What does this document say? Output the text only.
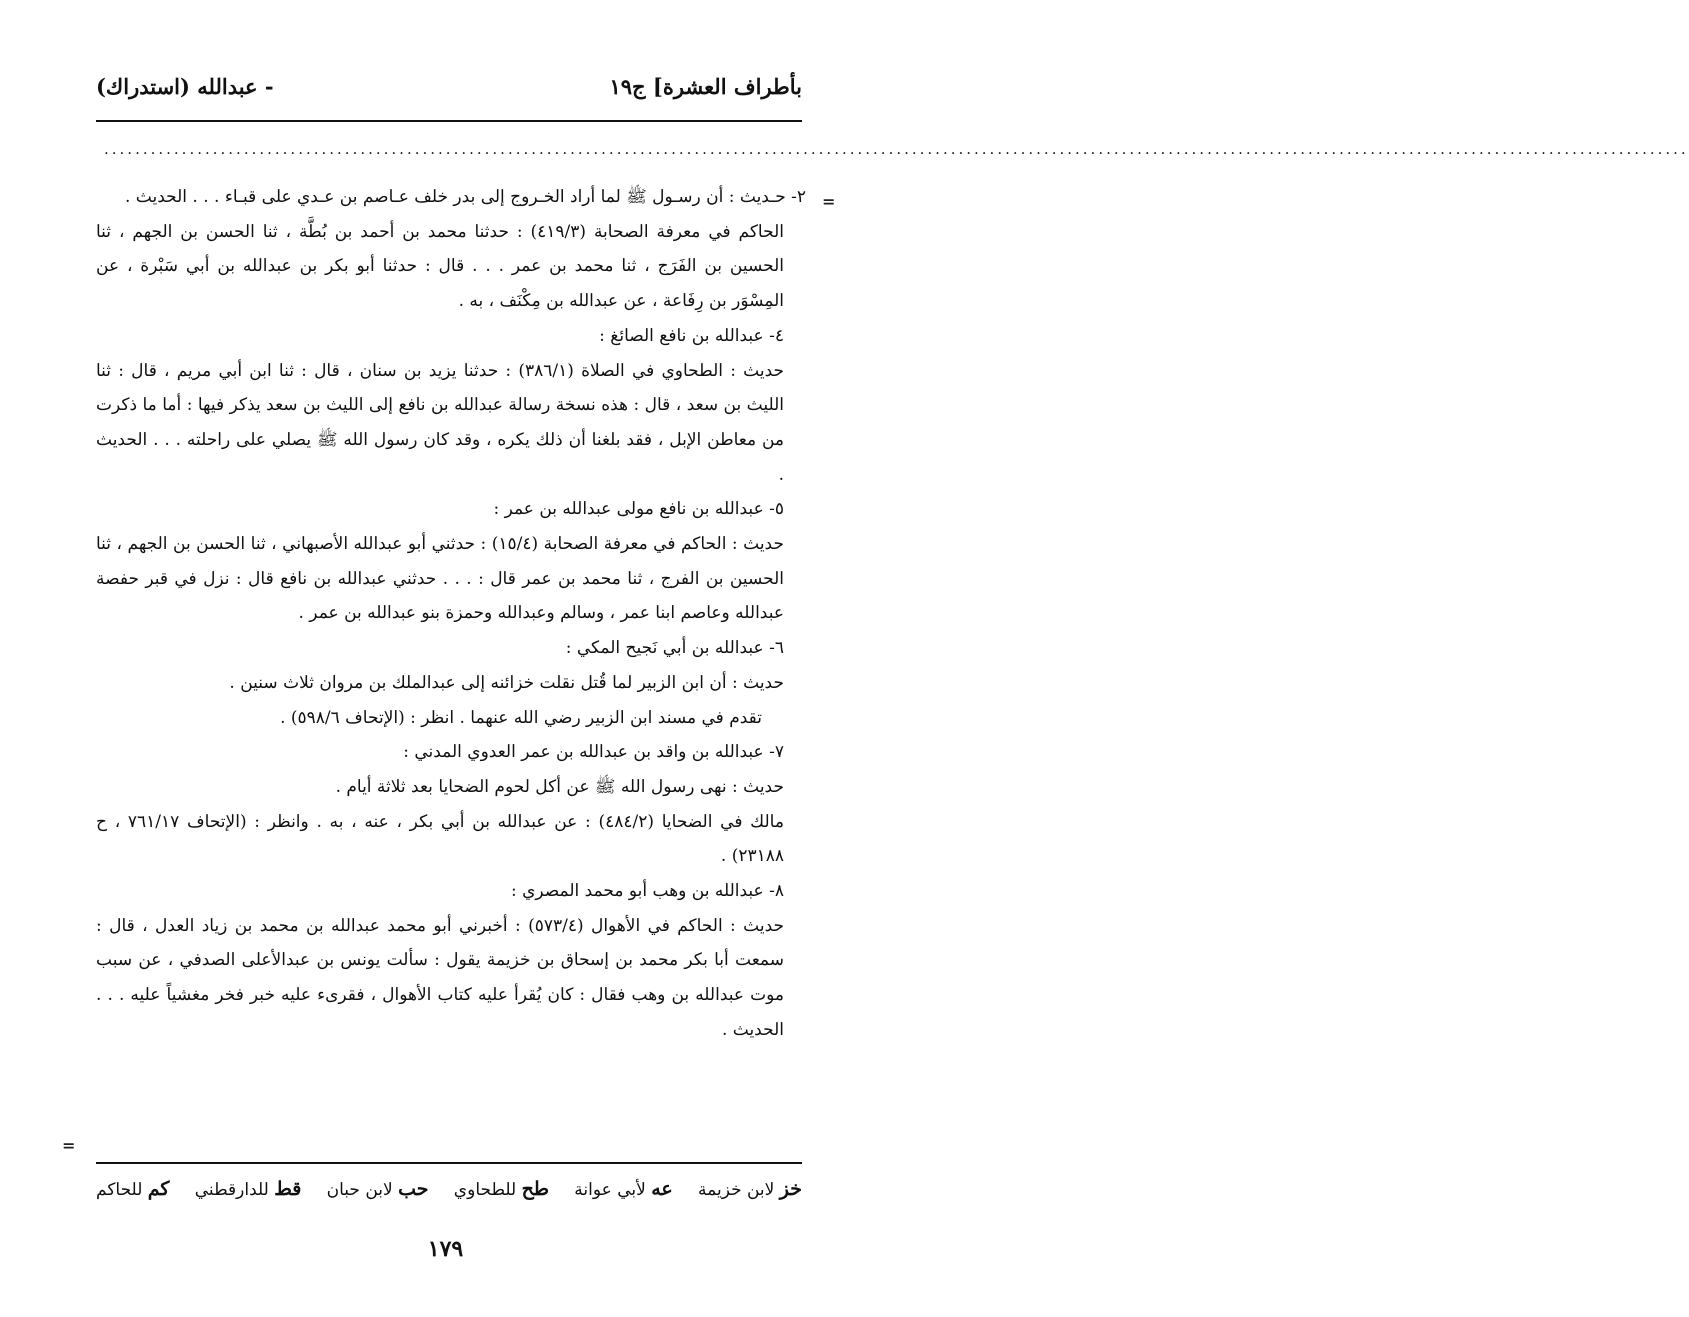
بأطراف العشرة] ج١٩
- عبدالله (استدراك)
............................................................................................................................................................................................................
=
=

٢- حـديث : أن رسـول ﷺ لما أراد الخـروج إلى بدر خلف عـاصم بن عـدي على قبـاء . . . الحديث .

الحاكم في معرفة الصحابة (٤١٩/٣) : حدثنا محمد بن أحمد بن بُطَّة ، ثنا الحسن بن الجهم ، ثنا الحسين بن الفَرَج ، ثنا محمد بن عمر . . . قال : حدثنا أبو بكر بن عبدالله بن أبي سَبْرة ، عن المِسْوَر بن رِفَاعة ، عن عبدالله بن مِكْنَف ، به .

٤- عبدالله بن نافع الصائغ :

حديث : الطحاوي في الصلاة (٣٨٦/١) : حدثنا يزيد بن سنان ، قال : ثنا ابن أبي مريم ، قال : ثنا الليث بن سعد ، قال : هذه نسخة رسالة عبدالله بن نافع إلى الليث بن سعد يذكر فيها : أما ما ذكرت من معاطن الإبل ، فقد بلغنا أن ذلك يكره ، وقد كان رسول الله ﷺ يصلي على راحلته . . . الحديث .

٥- عبدالله بن نافع مولى عبدالله بن عمر :

حديث : الحاكم في معرفة الصحابة (١٥/٤) : حدثني أبو عبدالله الأصبهاني ، ثنا الحسن بن الجهم ، ثنا الحسين بن الفرج ، ثنا محمد بن عمر قال : . . . حدثني عبدالله بن نافع قال : نزل في قبر حفصة عبدالله وعاصم ابنا عمر ، وسالم وعبدالله وحمزة بنو عبدالله بن عمر .

٦- عبدالله بن أبي نَجيح المكي :

حديث : أن ابن الزبير لما قُتل نقلت خزائنه إلى عبدالملك بن مروان ثلاث سنين .

تقدم في مسند ابن الزبير رضي الله عنهما . انظر : (الإتحاف ٥٩٨/٦) .

٧- عبدالله بن واقد بن عبدالله بن عمر العدوي المدني :

حديث : نهى رسول الله ﷺ عن أكل لحوم الضحايا بعد ثلاثة أيام .

مالك في الضحايا (٤٨٤/٢) : عن عبدالله بن أبي بكر ، عنه ، به . وانظر : (الإتحاف ٧٦١/١٧ ، ح ٢٣١٨٨) .

٨- عبدالله بن وهب أبو محمد المصري :

حديث : الحاكم في الأهوال (٥٧٣/٤) : أخبرني أبو محمد عبدالله بن محمد بن زياد العدل ، قال : سمعت أبا بكر محمد بن إسحاق بن خزيمة يقول : سألت يونس بن عبدالأعلى الصدفي ، عن سبب موت عبدالله بن وهب فقال : كان يُقرأ عليه كتاب الأهوال ، فقرىء عليه خبر فخر مغشياً عليه . . . الحديث .

خز لابن خزيمة عه لأبي عوانة طح للطحاوي حب لابن حبان قط للدارقطني كم للحاكم
١٧٩
